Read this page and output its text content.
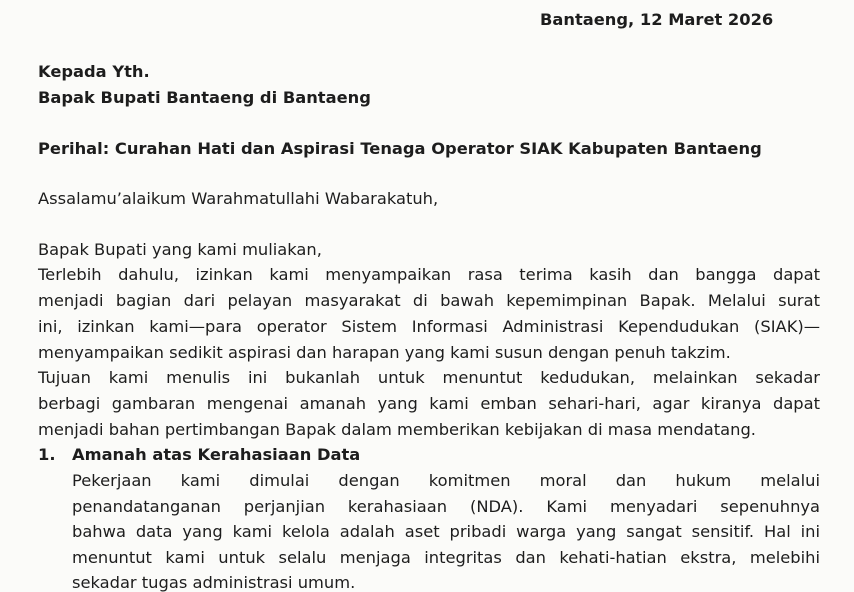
Bantaeng, 12 Maret 2026
Kepada Yth.
Bapak Bupati Bantaeng di Bantaeng
Perihal: Curahan Hati dan Aspirasi Tenaga Operator SIAK Kabupaten Bantaeng
Assalamu’alaikum Warahmatullahi Wabarakatuh,
Bapak Bupati yang kami muliakan,
Terlebih dahulu, izinkan kami menyampaikan rasa terima kasih dan bangga dapat
menjadi bagian dari pelayan masyarakat di bawah kepemimpinan Bapak. Melalui surat
ini, izinkan kami—para operator Sistem Informasi Administrasi Kependudukan (SIAK)—
menyampaikan sedikit aspirasi dan harapan yang kami susun dengan penuh takzim.
Tujuan kami menulis ini bukanlah untuk menuntut kedudukan, melainkan sekadar
berbagi gambaran mengenai amanah yang kami emban sehari-hari, agar kiranya dapat
menjadi bahan pertimbangan Bapak dalam memberikan kebijakan di masa mendatang.
1. Amanah atas Kerahasiaan Data
Pekerjaan kami dimulai dengan komitmen moral dan hukum melalui
penandatanganan perjanjian kerahasiaan (NDA). Kami menyadari sepenuhnya
bahwa data yang kami kelola adalah aset pribadi warga yang sangat sensitif. Hal ini
menuntut kami untuk selalu menjaga integritas dan kehati-hatian ekstra, melebihi
sekadar tugas administrasi umum.
